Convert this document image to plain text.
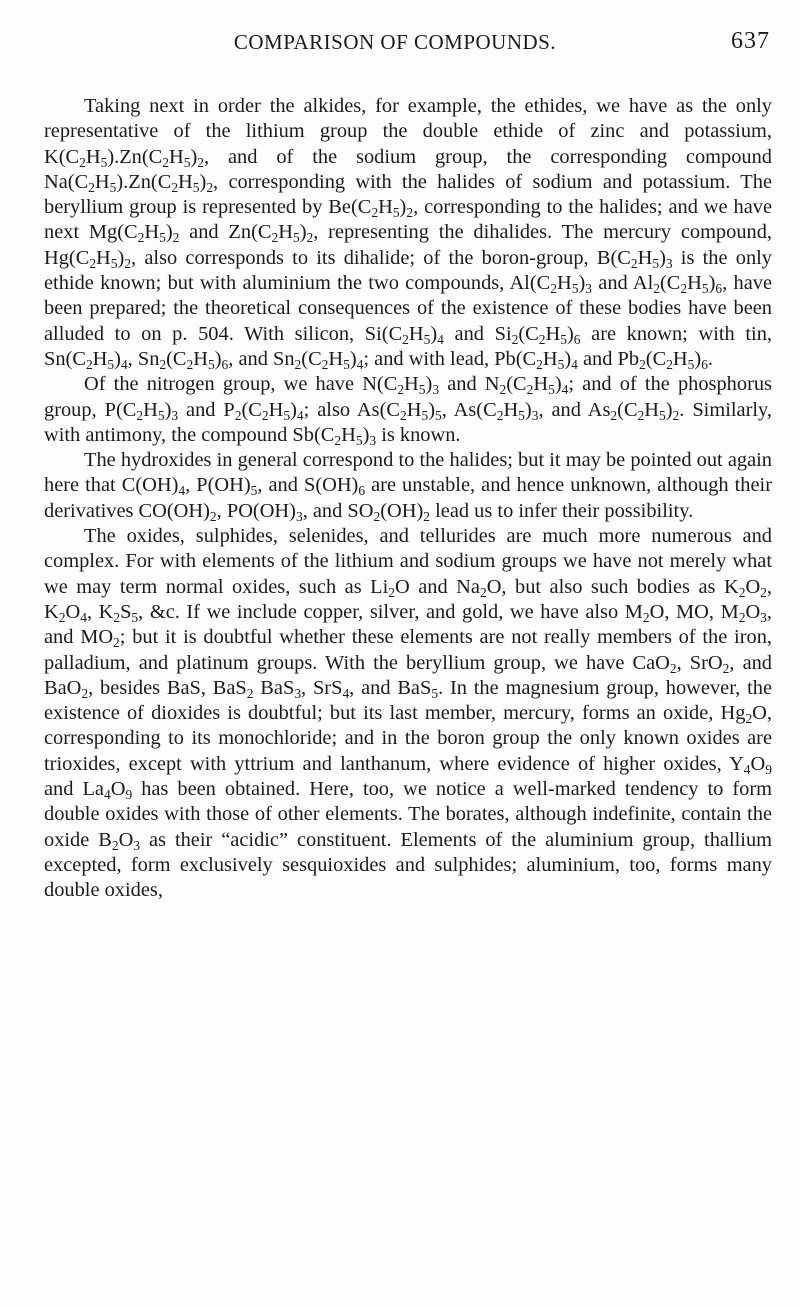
COMPARISON OF COMPOUNDS.	637

Taking next in order the alkides, for example, the ethides, we have as the only representative of the lithium group the double ethide of zinc and potassium, $K(C_2H_5).Zn(C_2H_5)_2$, and of the sodium group, the corresponding compound $Na(C_2H_5).Zn(C_2H_5)_2$, corresponding with the halides of sodium and potassium. The beryllium group is represented by $Be(C_2H_5)_2$, corresponding to the halides; and we have next $Mg(C_2H_5)_2$ and $Zn(C_2H_5)_2$, representing the dihalides. The mercury compound, $Hg(C_2H_5)_2$, also corresponds to its dihalide; of the boron-group, $B(C_2H_5)_3$ is the only ethide known; but with aluminium the two compounds, $Al(C_2H_5)_3$ and $Al_2(C_2H_5)_6$, have been prepared; the theoretical consequences of the existence of these bodies have been alluded to on p. 504. With silicon, $Si(C_2H_5)_4$ and $Si_2(C_2H_5)_6$ are known; with tin, $Sn(C_2H_5)_4$, $Sn_2(C_2H_5)_6$, and $Sn_2(C_2H_5)_4$; and with lead, $Pb(C_2H_5)_4$ and $Pb_2(C_2H_5)_6$.

Of the nitrogen group, we have $N(C_2H_5)_3$ and $N_2(C_2H_5)_4$; and of the phosphorus group, $P(C_2H_5)_3$ and $P_2(C_2H_5)_4$; also $As(C_2H_5)_5$, $As(C_2H_5)_3$, and $As_2(C_2H_5)_2$. Similarly, with antimony, the compound $Sb(C_2H_5)_3$ is known.

The hydroxides in general correspond to the halides; but it may be pointed out again here that $C(OH)_4$, $P(OH)_5$, and $S(OH)_6$ are unstable, and hence unknown, although their derivatives $CO(OH)_2$, $PO(OH)_3$, and $SO_2(OH)_2$ lead us to infer their possibility.

The oxides, sulphides, selenides, and tellurides are much more numerous and complex. For with elements of the lithium and sodium groups we have not merely what we may term normal oxides, such as $Li_2O$ and $Na_2O$, but also such bodies as $K_2O_2$, $K_2O_4$, $K_2S_5$, &c. If we include copper, silver, and gold, we have also $M_2O$, MO, $M_2O_3$, and $MO_2$; but it is doubtful whether these elements are not really members of the iron, palladium, and platinum groups. With the beryllium group, we have CaO$_2$, SrO$_2$, and BaO$_2$, besides BaS, BaS$_2$ BaS$_3$, SrS$_4$, and BaS$_5$. In the magnesium group, however, the existence of dioxides is doubtful; but its last member, mercury, forms an oxide, $Hg_2O$, corresponding to its monochloride; and in the boron group the only known oxides are trioxides, except with yttrium and lanthanum, where evidence of higher oxides, $Y_4O_9$ and $La_4O_9$ has been obtained. Here, too, we notice a well-marked tendency to form double oxides with those of other elements. The borates, although indefinite, contain the oxide $B_2O_3$ as their “acidic” constituent. Elements of the aluminium group, thallium excepted, form exclusively sesquioxides and sulphides; aluminium, too, forms many double oxides,
